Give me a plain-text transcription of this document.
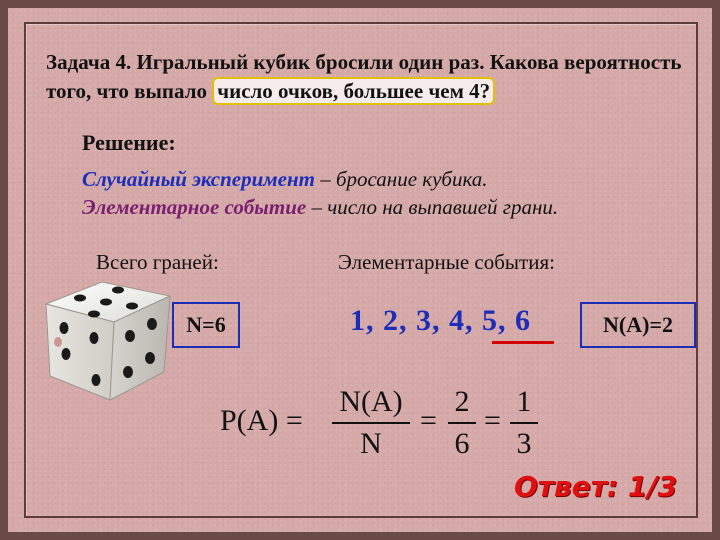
Задача 4. Игральный кубик бросили один раз. Какова вероятность того, что выпало число очков, большее чем 4?
Решение:
Случайный эксперимент – бросание кубика.
Элементарное событие – число на выпавшей грани.
Всего граней:	Элементарные события:
N=6	1, 2, 3, 4, 5, 6	N(A)=2
P(A) =
N(A)
N
=
2
6
=
1
3
Ответ: 1/3
